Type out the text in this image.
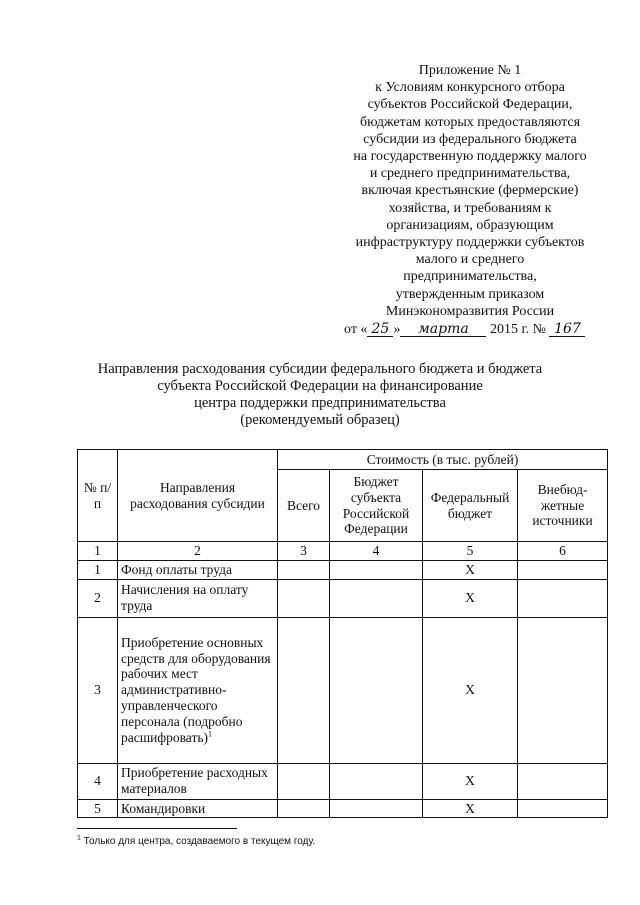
Приложение № 1
к Условиям конкурсного отбора
субъектов Российской Федерации,
бюджетам которых предоставляются
субсидии из федерального бюджета
на государственную поддержку малого
и среднего предпринимательства,
включая крестьянские (фермерские)
хозяйства, и требованиям к
организациям, образующим
инфраструктуру поддержки субъектов
малого и среднего
предпринимательства,
утвержденным приказом
Минэкономразвития России
от « 25 » марта 2015 г. № 167
Направления расходования субсидии федерального бюджета и бюджета
субъекта Российской Федерации на финансирование
центра поддержки предпринимательства
(рекомендуемый образец)
№ п/п	Направления расходования субсидии	Стоимость (в тыс. рублей)			
		Всего	Бюджет субъекта Российской Федерации	Федеральный бюджет	Внебюд- жетные источники
1	2	3	4	5	6
1	Фонд оплаты труда			X	
2	Начисления на оплату труда			X	
3	Приобретение основных средств для оборудования рабочих мест административно-управленческого персонала (подробно расшифровать)$^1$			X	
4	Приобретение расходных материалов			X	
5	Командировки			X	
$^1$ Только для центра, создаваемого в текущем году.
